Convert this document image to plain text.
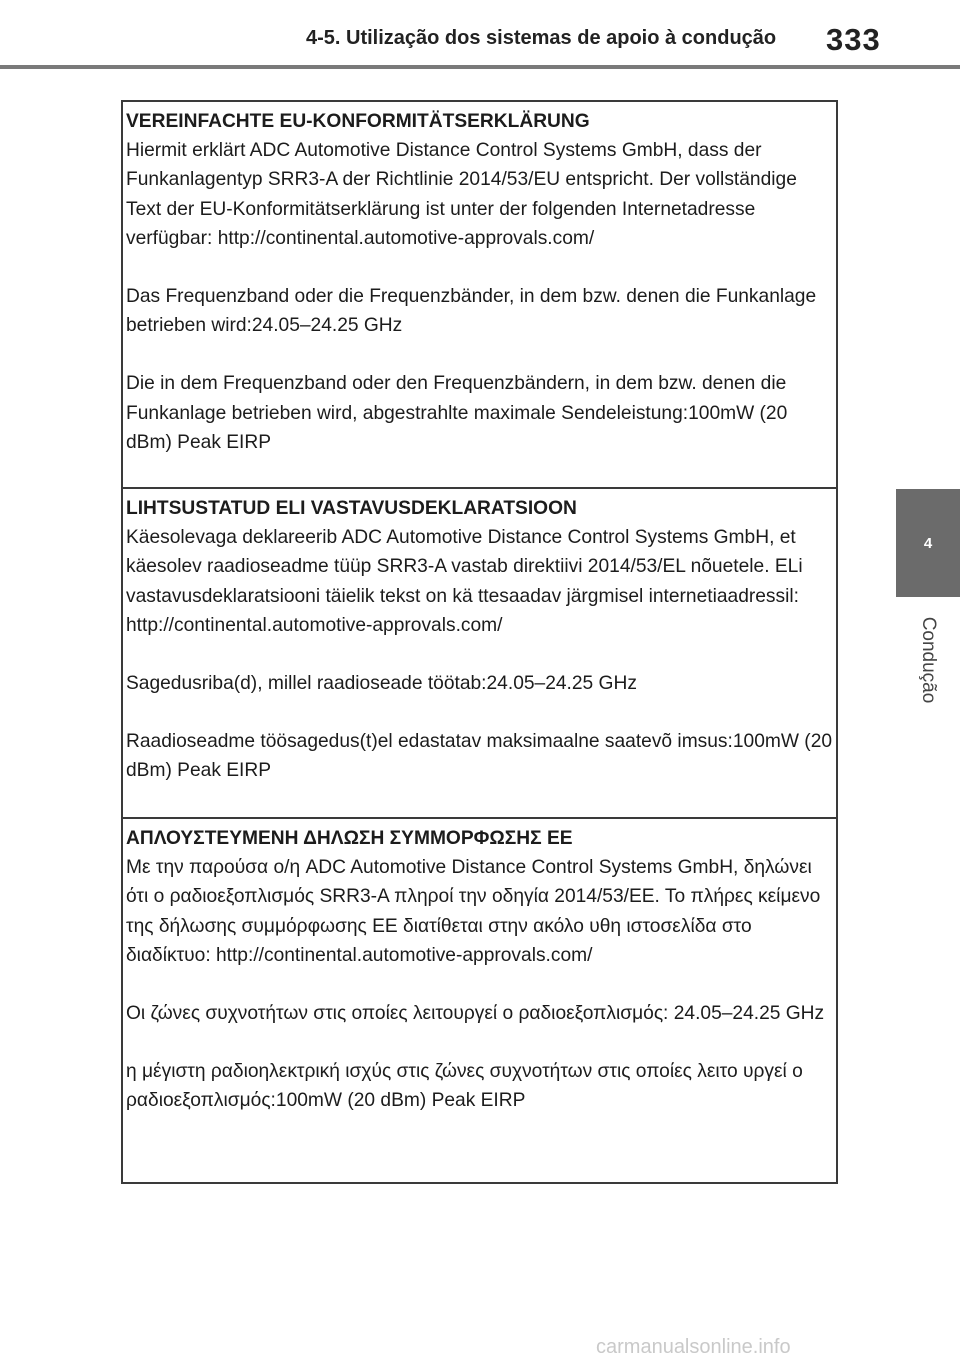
4-5. Utilização dos sistemas de apoio à condução 333
4
Condução
VEREINFACHTE EU-KONFORMITÄTSERKLÄRUNG
Hiermit erklärt ADC Automotive Distance Control Systems GmbH, dass der Funkanlagentyp SRR3-A der Richtlinie 2014/53/EU entspricht. Der vollständige Text der EU-Konformitätserklärung ist unter der folgenden Internetadresse verfügbar: http://continental.automotive-approvals.com/
Das Frequenzband oder die Frequenzbänder, in dem bzw. denen die Funkanlage betrieben wird:24.05–24.25 GHz
Die in dem Frequenzband oder den Frequenzbändern, in dem bzw. denen die Funkanlage betrieben wird, abgestrahlte maximale Sendeleistung:100mW (20 dBm) Peak EIRP
LIHTSUSTATUD ELI VASTAVUSDEKLARATSIOON
Käesolevaga deklareerib ADC Automotive Distance Control Systems GmbH, et käesolev raadioseadme tüüp SRR3-A vastab direktiivi 2014/53/EL nõuetele. ELi vastavusdeklaratsiooni täielik tekst on kä ttesaadav järgmisel internetiaadressil: http://continental.automotive-approvals.com/
Sagedusriba(d), millel raadioseade töötab:24.05–24.25 GHz
Raadioseadme töösagedus(t)el edastatav maksimaalne saatevõ imsus:100mW (20 dBm) Peak EIRP
ΑΠΛΟΥΣΤΕΥΜΕΝΗ ΔΗΛΩΣΗ ΣΥΜΜΟΡΦΩΣΗΣ ΕΕ
Με την παρούσα ο/η ADC Automotive Distance Control Systems GmbH, δηλώνει ότι ο ραδιοεξοπλισμός SRR3-A πληροί την οδηγία 2014/53/ΕΕ. Το πλήρες κείμενο της δήλωσης συμμόρφωσης ΕΕ διατίθεται στην ακόλο υθη ιστοσελίδα στο διαδίκτυο: http://continental.automotive-approvals.com/
Οι ζώνες συχνοτήτων στις οποίες λειτουργεί ο ραδιοεξοπλισμός: 24.05–24.25 GHz
η μέγιστη ραδιοηλεκτρική ισχύς στις ζώνες συχνοτήτων στις οποίες λειτο υργεί ο ραδιοεξοπλισμός:100mW (20 dBm) Peak EIRP
carmanualsonline.info
